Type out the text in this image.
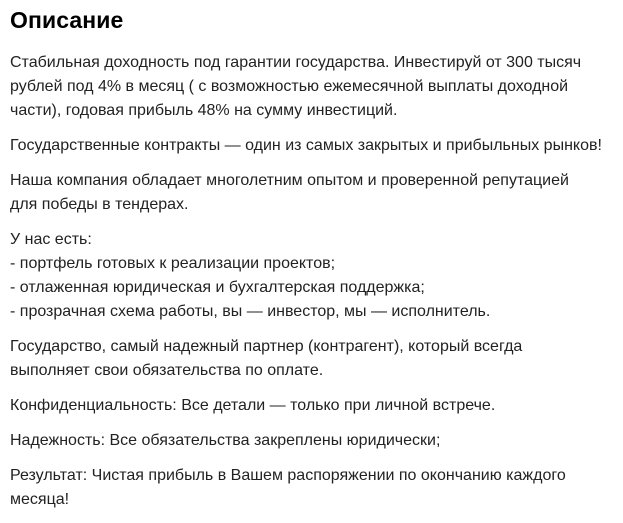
Описание

Стабильная доходность под гарантии государства. Инвестируй от 300 тысяч
рублей под 4% в месяц ( с возможностью ежемесячной выплаты доходной
части), годовая прибыль 48% на сумму инвестиций.

Государственные контракты — один из самых закрытых и прибыльных рынков!

Наша компания обладает многолетним опытом и проверенной репутацией
для победы в тендерах.

У нас есть:
- портфель готовых к реализации проектов;
- отлаженная юридическая и бухгалтерская поддержка;
- прозрачная схема работы, вы — инвестор, мы — исполнитель.

Государство, самый надежный партнер (контрагент), который всегда
выполняет свои обязательства по оплате.

Конфиденциальность: Все детали — только при личной встрече.

Надежность: Все обязательства закреплены юридически;

Результат: Чистая прибыль в Вашем распоряжении по окончанию каждого
месяца!
